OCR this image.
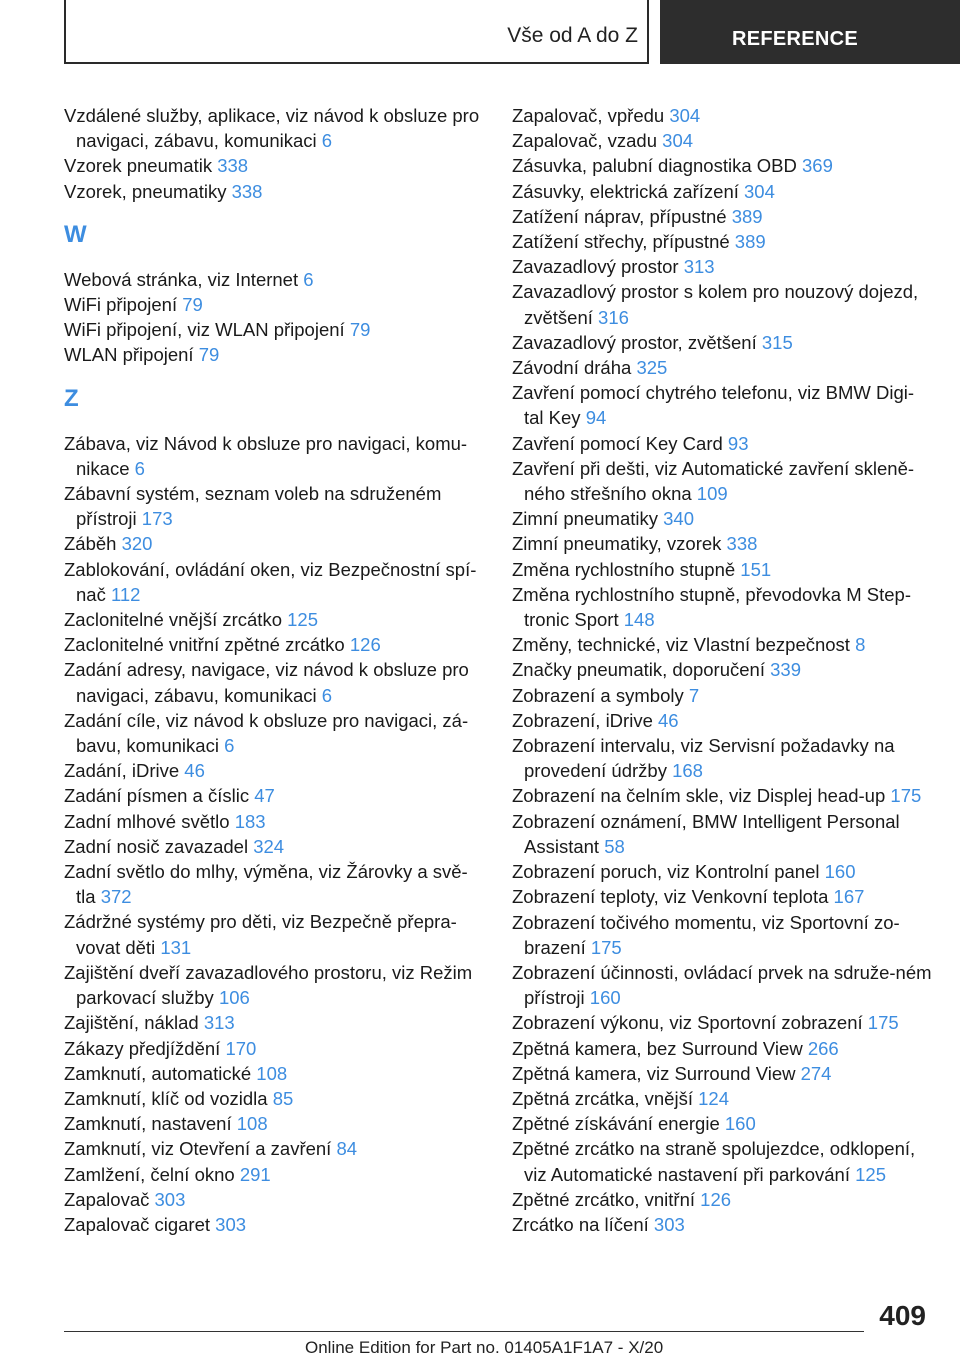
Vše od A do Z	REFERENCE
Vzdálené služby, aplikace, viz návod k obsluze pro navigaci, zábavu, komunikaci 6
Vzorek pneumatik 338
Vzorek, pneumatiky 338
W
Webová stránka, viz Internet 6
WiFi připojení 79
WiFi připojení, viz WLAN připojení 79
WLAN připojení 79
Z
Zábava, viz Návod k obsluze pro navigaci, komu-nikace 6
Zábavní systém, seznam voleb na sdruženém přístroji 173
Záběh 320
Zablokování, ovládání oken, viz Bezpečnostní spí-nač 112
Zaclonitelné vnější zrcátko 125
Zaclonitelné vnitřní zpětné zrcátko 126
Zadání adresy, navigace, viz návod k obsluze pro navigaci, zábavu, komunikaci 6
Zadání cíle, viz návod k obsluze pro navigaci, zá-bavu, komunikaci 6
Zadání, iDrive 46
Zadání písmen a číslic 47
Zadní mlhové světlo 183
Zadní nosič zavazadel 324
Zadní světlo do mlhy, výměna, viz Žárovky a svě-tla 372
Zádržné systémy pro děti, viz Bezpečně přepra-vovat děti 131
Zajištění dveří zavazadlového prostoru, viz Režim parkovací služby 106
Zajištění, náklad 313
Zákazy předjíždění 170
Zamknutí, automatické 108
Zamknutí, klíč od vozidla 85
Zamknutí, nastavení 108
Zamknutí, viz Otevření a zavření 84
Zamlžení, čelní okno 291
Zapalovač 303
Zapalovač cigaret 303
Zapalovač, vpředu 304
Zapalovač, vzadu 304
Zásuvka, palubní diagnostika OBD 369
Zásuvky, elektrická zařízení 304
Zatížení náprav, přípustné 389
Zatížení střechy, přípustné 389
Zavazadlový prostor 313
Zavazadlový prostor s kolem pro nouzový dojezd, zvětšení 316
Zavazadlový prostor, zvětšení 315
Závodní dráha 325
Zavření pomocí chytrého telefonu, viz BMW Digi-tal Key 94
Zavření pomocí Key Card 93
Zavření při dešti, viz Automatické zavření skleně-ného střešního okna 109
Zimní pneumatiky 340
Zimní pneumatiky, vzorek 338
Změna rychlostního stupně 151
Změna rychlostního stupně, převodovka M Step-tronic Sport 148
Změny, technické, viz Vlastní bezpečnost 8
Značky pneumatik, doporučení 339
Zobrazení a symboly 7
Zobrazení, iDrive 46
Zobrazení intervalu, viz Servisní požadavky na provedení údržby 168
Zobrazení na čelním skle, viz Displej head-up 175
Zobrazení oznámení, BMW Intelligent Personal Assistant 58
Zobrazení poruch, viz Kontrolní panel 160
Zobrazení teploty, viz Venkovní teplota 167
Zobrazení točivého momentu, viz Sportovní zo-brazení 175
Zobrazení účinnosti, ovládací prvek na sdruže-ném přístroji 160
Zobrazení výkonu, viz Sportovní zobrazení 175
Zpětná kamera, bez Surround View 266
Zpětná kamera, viz Surround View 274
Zpětná zrcátka, vnější 124
Zpětné získávání energie 160
Zpětné zrcátko na straně spolujezdce, odklopení, viz Automatické nastavení při parkování 125
Zpětné zrcátko, vnitřní 126
Zrcátko na líčení 303
409
Online Edition for Part no. 01405A1F1A7 - X/20
